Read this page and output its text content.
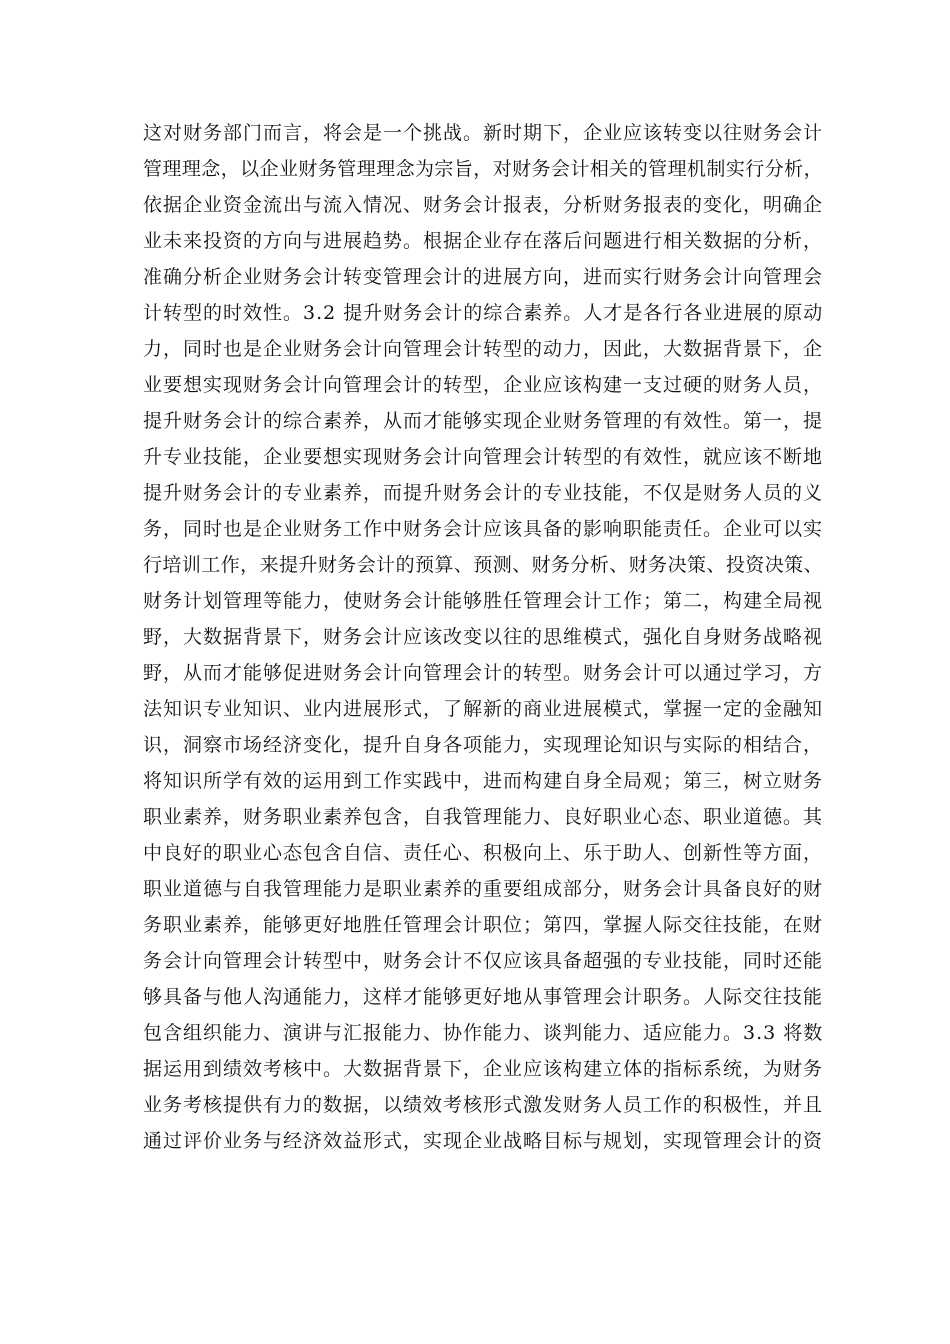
这对财务部门而言，将会是一个挑战。新时期下，企业应该转变以往财务会计
管理理念，以企业财务管理理念为宗旨，对财务会计相关的管理机制实行分析，
依据企业资金流出与流入情况、财务会计报表，分析财务报表的变化，明确企
业未来投资的方向与进展趋势。根据企业存在落后问题进行相关数据的分析，
准确分析企业财务会计转变管理会计的进展方向，进而实行财务会计向管理会
计转型的时效性。3.2 提升财务会计的综合素养。人才是各行各业进展的原动
力，同时也是企业财务会计向管理会计转型的动力，因此，大数据背景下，企
业要想实现财务会计向管理会计的转型，企业应该构建一支过硬的财务人员，
提升财务会计的综合素养，从而才能够实现企业财务管理的有效性。第一，提
升专业技能，企业要想实现财务会计向管理会计转型的有效性，就应该不断地
提升财务会计的专业素养，而提升财务会计的专业技能，不仅是财务人员的义
务，同时也是企业财务工作中财务会计应该具备的影响职能责任。企业可以实
行培训工作，来提升财务会计的预算、预测、财务分析、财务决策、投资决策、
财务计划管理等能力，使财务会计能够胜任管理会计工作；第二，构建全局视
野，大数据背景下，财务会计应该改变以往的思维模式，强化自身财务战略视
野，从而才能够促进财务会计向管理会计的转型。财务会计可以通过学习，方
法知识专业知识、业内进展形式，了解新的商业进展模式，掌握一定的金融知
识，洞察市场经济变化，提升自身各项能力，实现理论知识与实际的相结合，
将知识所学有效的运用到工作实践中，进而构建自身全局观；第三，树立财务
职业素养，财务职业素养包含，自我管理能力、良好职业心态、职业道德。其
中良好的职业心态包含自信、责任心、积极向上、乐于助人、创新性等方面，
职业道德与自我管理能力是职业素养的重要组成部分，财务会计具备良好的财
务职业素养，能够更好地胜任管理会计职位；第四，掌握人际交往技能，在财
务会计向管理会计转型中，财务会计不仅应该具备超强的专业技能，同时还能
够具备与他人沟通能力，这样才能够更好地从事管理会计职务。人际交往技能
包含组织能力、演讲与汇报能力、协作能力、谈判能力、适应能力。3.3 将数
据运用到绩效考核中。大数据背景下，企业应该构建立体的指标系统，为财务
业务考核提供有力的数据，以绩效考核形式激发财务人员工作的积极性，并且
通过评价业务与经济效益形式，实现企业战略目标与规划，实现管理会计的资
